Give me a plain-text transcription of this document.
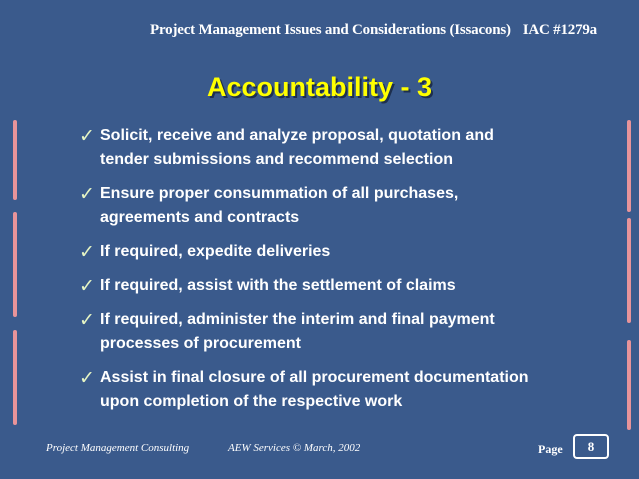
Project Management Issues and Considerations (Issacons) IAC #1279a
Accountability - 3
✓ Solicit, receive and analyze proposal, quotation and
tender submissions and recommend selection
✓ Ensure proper consummation of all purchases,
agreements and contracts
✓ If required, expedite deliveries
✓ If required, assist with the settlement of claims
✓ If required, administer the interim and final payment
processes of procurement
✓ Assist in final closure of all procurement documentation
upon completion of the respective work
Project Management Consulting	AEW Services © March, 2002	Page 8
